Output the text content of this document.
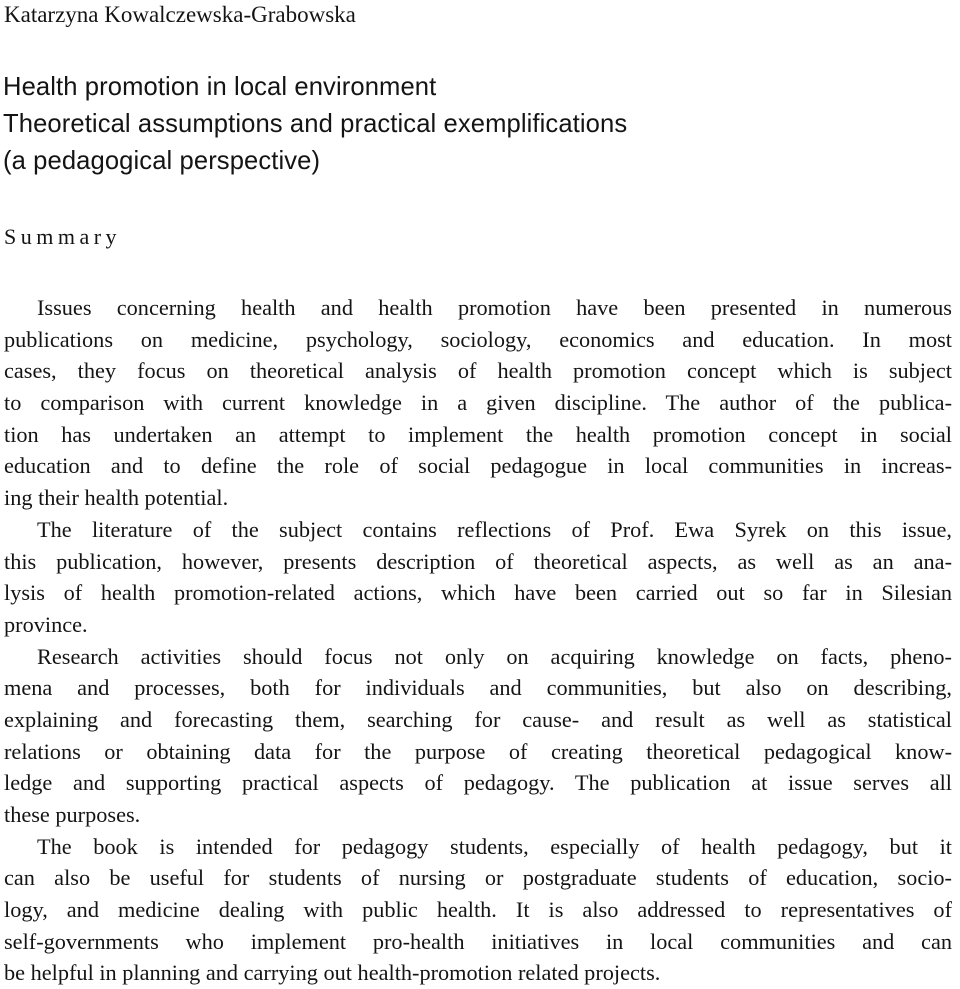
Katarzyna Kowalczewska-Grabowska
Health promotion in local environment
Theoretical assumptions and practical exemplifications
(a pedagogical perspective)
Summary
Issues concerning health and health promotion have been presented in numerous
publications on medicine, psychology, sociology, economics and education. In most
cases, they focus on theoretical analysis of health promotion concept which is subject
to comparison with current knowledge in a given discipline. The author of the publica-
tion has undertaken an attempt to implement the health promotion concept in social
education and to define the role of social pedagogue in local communities in increas-
ing their health potential.
The literature of the subject contains reflections of Prof. Ewa Syrek on this issue,
this publication, however, presents description of theoretical aspects, as well as an ana-
lysis of health promotion-related actions, which have been carried out so far in Silesian
province.
Research activities should focus not only on acquiring knowledge on facts, pheno-
mena and processes, both for individuals and communities, but also on describing,
explaining and forecasting them, searching for cause- and result as well as statistical
relations or obtaining data for the purpose of creating theoretical pedagogical know-
ledge and supporting practical aspects of pedagogy. The publication at issue serves all
these purposes.
The book is intended for pedagogy students, especially of health pedagogy, but it
can also be useful for students of nursing or postgraduate students of education, socio-
logy, and medicine dealing with public health. It is also addressed to representatives of
self-governments who implement pro-health initiatives in local communities and can
be helpful in planning and carrying out health-promotion related projects.
